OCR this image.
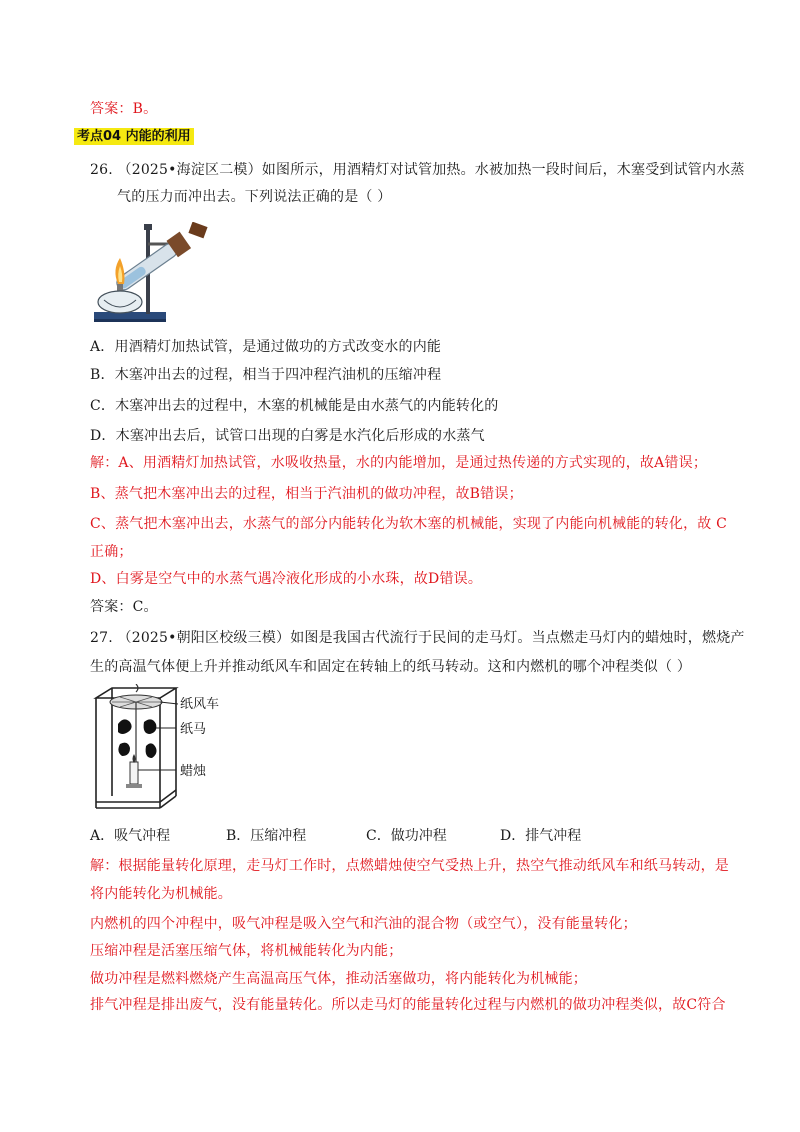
答案：B。
考点04 内能的利用
26. （2025•海淀区二模）如图所示，用酒精灯对试管加热。水被加热一段时间后，木塞受到试管内水蒸
气的压力而冲出去。下列说法正确的是（ ）
A．用酒精灯加热试管，是通过做功的方式改变水的内能
B．木塞冲出去的过程，相当于四冲程汽油机的压缩冲程
C．木塞冲出去的过程中，木塞的机械能是由水蒸气的内能转化的
D．木塞冲出去后，试管口出现的白雾是水汽化后形成的水蒸气
解：A、用酒精灯加热试管，水吸收热量，水的内能增加，是通过热传递的方式实现的，故A错误；
B、蒸气把木塞冲出去的过程，相当于汽油机的做功冲程，故B错误；
C、蒸气把木塞冲出去，水蒸气的部分内能转化为软木塞的机械能，实现了内能向机械能的转化，故 C
正确；
D、白雾是空气中的水蒸气遇冷液化形成的小水珠，故D错误。
答案：C。
27. （2025•朝阳区校级三模）如图是我国古代流行于民间的走马灯。当点燃走马灯内的蜡烛时，燃烧产
生的高温气体便上升并推动纸风车和固定在转轴上的纸马转动。这和内燃机的哪个冲程类似（ ）
纸风车
纸马
蜡烛
A．吸气冲程	B．压缩冲程	C．做功冲程	D．排气冲程
解：根据能量转化原理，走马灯工作时，点燃蜡烛使空气受热上升，热空气推动纸风车和纸马转动，是
将内能转化为机械能。
内燃机的四个冲程中，吸气冲程是吸入空气和汽油的混合物（或空气），没有能量转化；
压缩冲程是活塞压缩气体，将机械能转化为内能；
做功冲程是燃料燃烧产生高温高压气体，推动活塞做功，将内能转化为机械能；
排气冲程是排出废气，没有能量转化。所以走马灯的能量转化过程与内燃机的做功冲程类似，故C符合
